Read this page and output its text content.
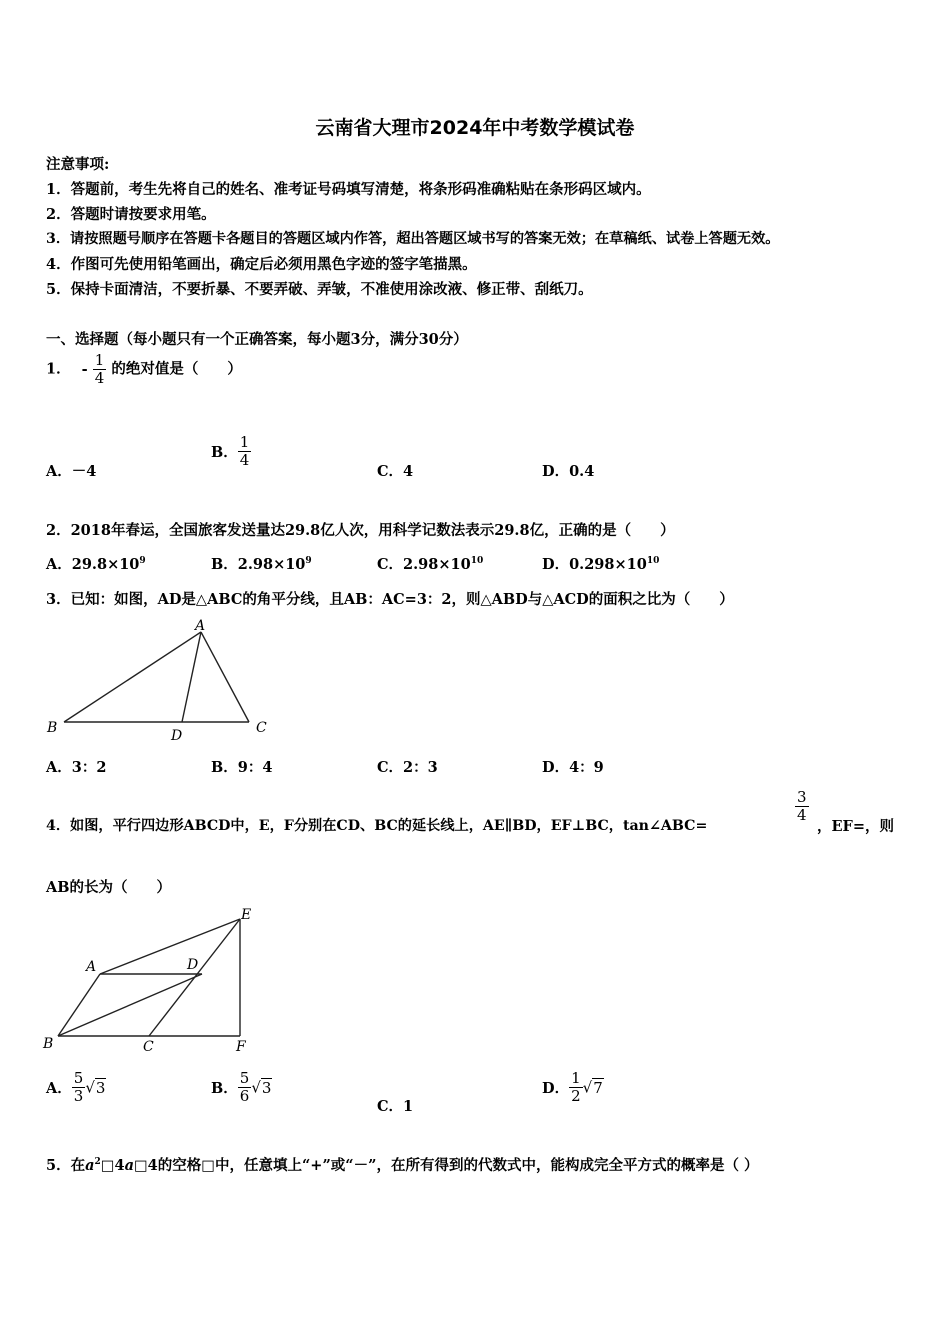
云南省大理市2024年中考数学模试卷
注意事项:
1．答题前，考生先将自己的姓名、准考证号码填写清楚，将条形码准确粘贴在条形码区域内。
2．答题时请按要求用笔。
3．请按照题号顺序在答题卡各题目的答题区域内作答，超出答题区域书写的答案无效；在草稿纸、试卷上答题无效。
4．作图可先使用铅笔画出，确定后必须用黑色字迹的签字笔描黑。
5．保持卡面清洁，不要折暴、不要弄破、弄皱，不准使用涂改液、修正带、刮纸刀。
一、选择题（每小题只有一个正确答案，每小题3分，满分30分）
1． - $\frac{1}{4}$ 的绝对值是（　　）
A．－4
B． $\frac{1}{4}$
C．4	D．0.4
2．2018年春运，全国旅客发送量达29.8亿人次，用科学记数法表示29.8亿，正确的是（　　）
A．$29.8\times 10^9$	B．$2.98\times 10^9$	C．$2.98\times 10^{10}$	D．$0.298\times 10^{10}$
3．已知：如图，AD是△ABC的角平分线，且AB：AC=3：2，则△ABD与△ACD的面积之比为（　　）
A
B	C
D
A．3：2	B．9：4	C．2：3	D．4：9
4．如图，平行四边形ABCD中，E，F分别在CD、BC的延长线上，AE∥BD，EF⊥BC，tan∠ABC=
$\frac{3}{4}$
，EF=，则
AB的长为（　　）
A	D
E
B	C	F
A． $\frac{5}{3} √3$	B． $\frac{5}{6} √3$
C．1
D． $\frac{1}{2} √7$
5．在$a^2□4a□4$的空格□中，任意填上“+”或“－”，在所有得到的代数式中，能构成完全平方式的概率是（ ）
